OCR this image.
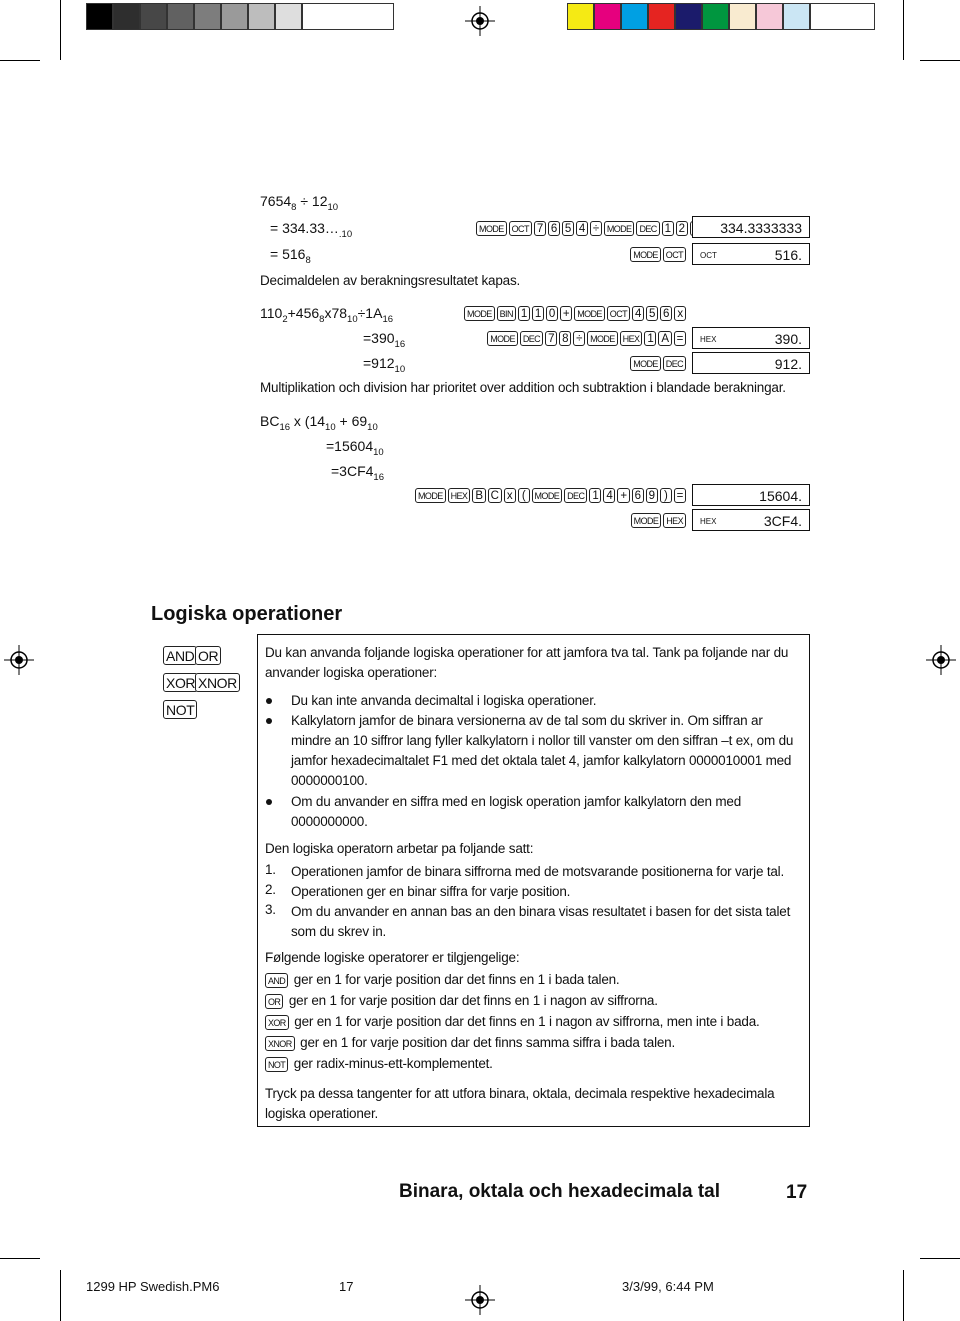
$7654_8 \div 12_{10}$
= $334.33\dots_{.10}$
= $516_8$
MODE OCT 7 6 5 4 ÷ MODE DEC 1 2
MODE OCT
334.3333333
OCT	516.
Decimaldelen av berakningsresultatet kapas.
$110_2+456_8x78_{10}\div 1A_{16}$
$=390_{16}$
$=912_{10}$
MODE BIN 1 1 0 + MODE OCT 4 5 6 x
MODE DEC 7 8 ÷ MODE HEX 1 A =
MODE DEC
HEX	390.
912.
Multiplikation och division har prioritet over addition och subtraktion i blandade berakningar.
$BC_{16}$ x ($14_{10} + 69_{10}$
$=15604_{10}$
$=3CF4_{16}$
MODE HEX B C x ( MODE DEC 1 4 + 6 9 ) =
MODE HEX
15604.
HEX	3CF4.
Logiska operationer
AND OR
XOR XNOR
NOT
Du kan anvanda foljande logiska operationer for att jamfora tva tal. Tank pa foljande nar du anvander logiska operationer:
Du kan inte anvanda decimaltal i logiska operationer.
Kalkylatorn jamfor de binara versionerna av de tal som du skriver in. Om siffran ar mindre an 10 siffror lang fyller kalkylatorn i nollor till vanster om den siffran –t ex, om du jamfor hexadecimaltalet F1 med det oktala talet 4, jamfor kalkylatorn 0000010001 med 0000000100.
Om du anvander en siffra med en logisk operation jamfor kalkylatorn den med 0000000000.
Den logiska operatorn arbetar pa foljande satt:
1. Operationen jamfor de binara siffrorna med de motsvarande positionerna for varje tal.
2. Operationen ger en binar siffra for varje position.
3. Om du anvander en annan bas an den binara visas resultatet i basen for det sista talet som du skrev in.
Følgende logiske operatorer er tilgjengelige:
AND ger en 1 for varje position dar det finns en 1 i bada talen.
OR ger en 1 for varje position dar det finns en 1 i nagon av siffrorna.
XOR ger en 1 for varje position dar det finns en 1 i nagon av siffrorna, men inte i bada.
XNOR ger en 1 for varje position dar det finns samma siffra i bada talen.
NOT ger radix-minus-ett-komplementet.
Tryck pa dessa tangenter for att utfora binara, oktala, decimala respektive hexadecimala logiska operationer.
Binara, oktala och hexadecimala tal	17
1299 HP Swedish.PM6	17	3/3/99, 6:44 PM
